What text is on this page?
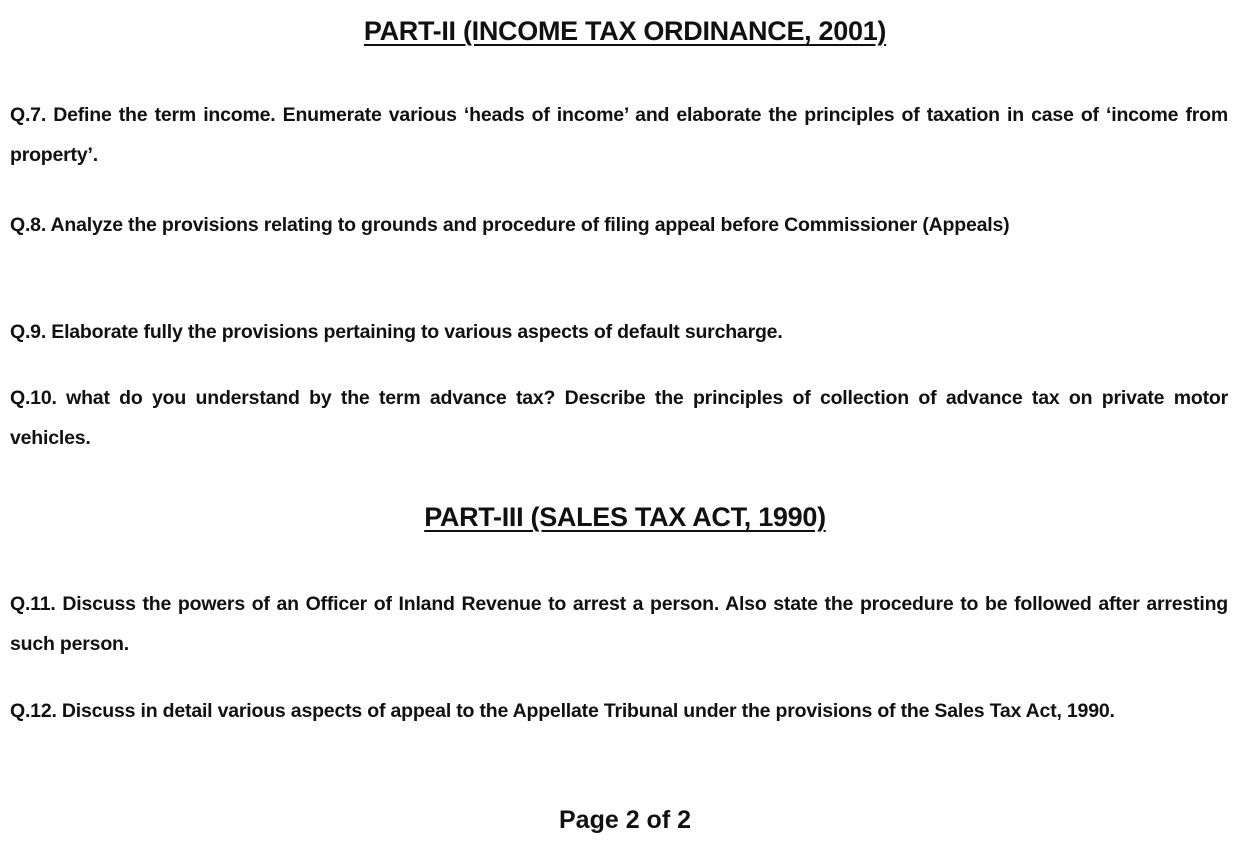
PART-II (INCOME TAX ORDINANCE, 2001)
Q.7. Define the term income. Enumerate various ‘heads of income’ and elaborate the principles of taxation in case of ‘income from property’.
Q.8. Analyze the provisions relating to grounds and procedure of filing appeal before Commissioner (Appeals)
Q.9. Elaborate fully the provisions pertaining to various aspects of default surcharge.
Q.10. what do you understand by the term advance tax? Describe the principles of collection of advance tax on private motor vehicles.
PART-III (SALES TAX ACT, 1990)
Q.11. Discuss the powers of an Officer of Inland Revenue to arrest a person. Also state the procedure to be followed after arresting such person.
Q.12. Discuss in detail various aspects of appeal to the Appellate Tribunal under the provisions of the Sales Tax Act, 1990.
Page 2 of 2
